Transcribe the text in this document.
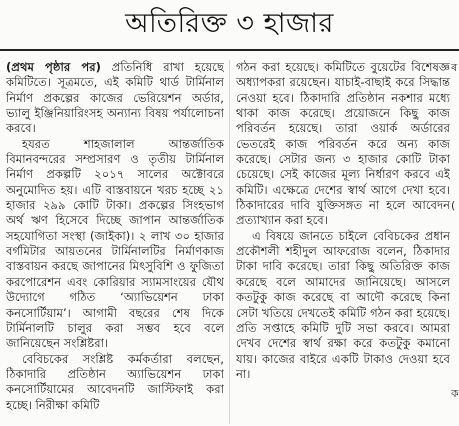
অতিরিক্ত ৩ হাজার

(প্রথম পৃষ্ঠার পর) প্রতিনিধি রাখা হয়েছে কমিটিতে। সূত্রমতে, এই কমিটি থার্ড টার্মিনাল নির্মাণ প্রকল্পের কাজের ভেরিয়েশন অর্ডার, ভ্যালু ইঞ্জিনিয়ারিংসহ অন্যান্য বিষয় পর্যালোচনা করবে।

হযরত শাহজালাল আন্তর্জাতিক বিমানবন্দরের সম্প্রসারণ ও তৃতীয় টার্মিনাল নির্মাণ প্রকল্পটি ২০১৭ সালের অক্টোবরে অনুমোদিত হয়। এটি বাস্তবায়নে খরচ হচ্ছে ২১ হাজার ২৯৯ কোটি টাকা। প্রকল্পের সিংহভাগ অর্থ ঋণ হিসেবে দিচ্ছে জাপান আন্তর্জাতিক সহযোগিতা সংস্থা (জাইকা)। ২ লাখ ৩০ হাজার বর্গমিটার আয়তনের টার্মিনালটির নির্মাণকাজ বাস্তবায়ন করছে জাপানের মিৎসুবিশি ও ফুজিতা করপোরেশন এবং কোরিয়ার স্যামসাংয়ের যৌথ উদ্যোগে গঠিত ‘অ্যাভিয়েশন ঢাকা কনসোর্টিয়াম’। আগামী বছরের শেষ দিকে টার্মিনালটি চালুর করা সম্ভব হবে বলে জানিয়েছেন সংশ্লিষ্টরা।

বেবিচকের সংশ্লিষ্ট কর্মকর্তারা বলছেন, ঠিকাদারি প্রতিষ্ঠান অ্যাভিয়েশন ঢাকা কনসোর্টিয়ামের আবেদনটি জাস্টিফাই করা হচ্ছে। নিরীক্ষা কমিটি

গঠন করা হয়েছে। কমিটিতে বুয়েটের বিশেষজ্ঞ অধ্যাপকরা রয়েছেন। যাচাই-বাছাই করে সিদ্ধান্ত নেওয়া হবে। ঠিকাদারি প্রতিষ্ঠান নকশার মধ্যে থাকা কাজ করেছে। প্রয়োজনে কিছু কাজ পরিবর্তন হয়েছে। তারা ওয়ার্ক অর্ডারের ভেতরেই কাজ পরিবর্তন করে অন্য কাজ করেছে। সেটার জন্য ৩ হাজার কোটি টাকা চেয়েছে। সেই কাজের মূল্য নির্ধারণ করবে এই কমিটি। এক্ষেত্রে দেশের স্বার্থ আগে দেখা হবে। ঠিকাদারের দাবি যুক্তিসঙ্গত না হলে আবেদন প্রত্যাখ্যান করা হবে।

এ বিষয়ে জানতে চাইলে বেবিচকের প্রধান প্রকৌশলী শহীদুল আফরোজ বলেন, ঠিকাদার টাকা দাবি করেছে। তারা কিছু অতিরিক্ত কাজ করেছে বলে আমাদের জানিয়েছে। আসলে কতটুকু কাজ করেছে বা আদৌ করেছে কিনা সেটা খতিয়ে দেখতেই কমিটি গঠন করা হয়েছে। প্রতি সপ্তাহে কমিটি দুটি সভা করবে। আমরা দেখব দেশের স্বার্থ রক্ষা করে কতটুকু কমানো যায়। কাজের বাইরে একটি টাকাও দেওয়া হবে না।

ৰ
(
ক
